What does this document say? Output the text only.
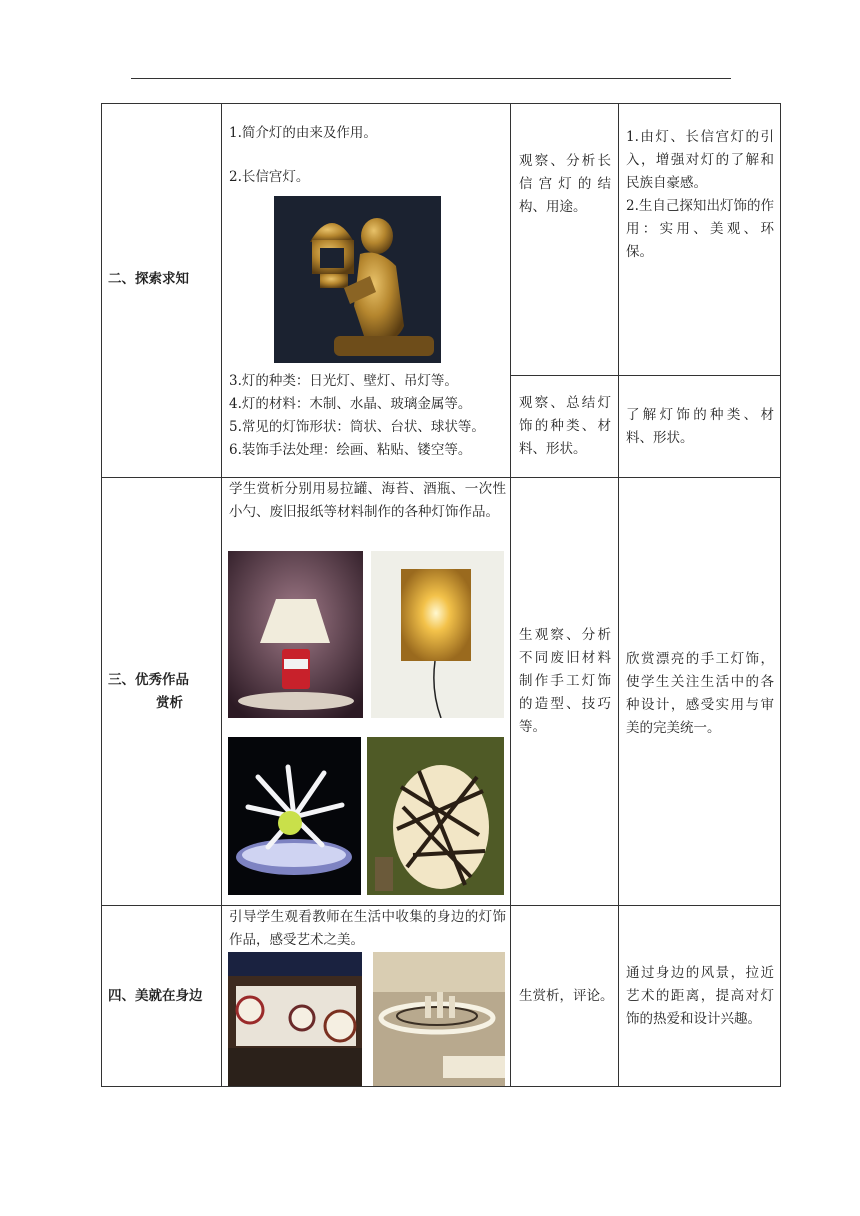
二、探索求知
1.简介灯的由来及作用。
2.长信宫灯。
3.灯的种类：日光灯、壁灯、吊灯等。
4.灯的材料：木制、水晶、玻璃金属等。
5.常见的灯饰形状：筒状、台状、球状等。
6.装饰手法处理：绘画、粘贴、镂空等。
观察、分析长信宫灯的结构、用途。
1.由灯、长信宫灯的引入，增强对灯的了解和民族自豪感。
2.生自己探知出灯饰的作用：实用、美观、环保。
观察、总结灯饰的种类、材料、形状。
了解灯饰的种类、材料、形状。
三、优秀作品
赏析
学生赏析分别用易拉罐、海苔、酒瓶、一次性小勺、废旧报纸等材料制作的各种灯饰作品。
生观察、分析不同废旧材料制作手工灯饰的造型、技巧等。
欣赏漂亮的手工灯饰，使学生关注生活中的各种设计，感受实用与审美的完美统一。
四、美就在身边
引导学生观看教师在生活中收集的身边的灯饰作品，感受艺术之美。
生赏析，评论。
通过身边的风景，拉近艺术的距离，提高对灯饰的热爱和设计兴趣。
